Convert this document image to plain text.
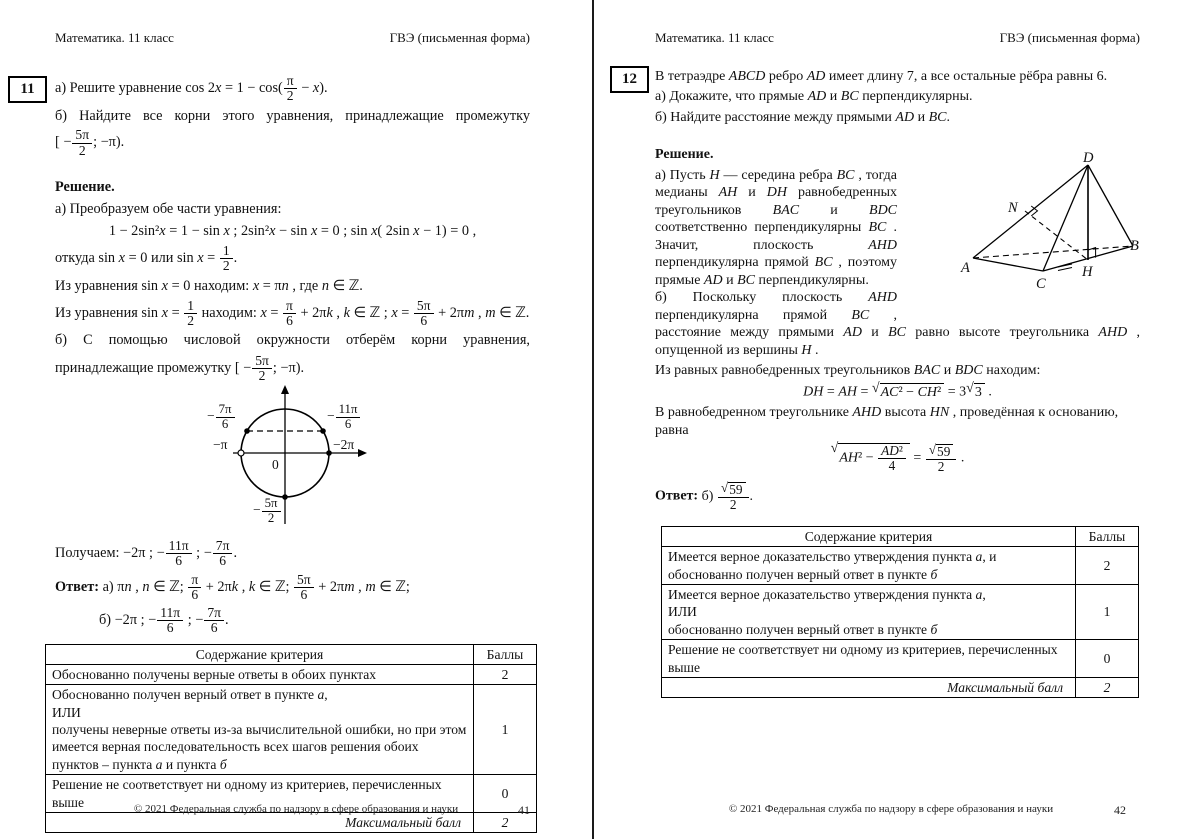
Математика. 11 класс	ГВЭ (письменная форма)
11	а) Решите уравнение $\cos 2x = 1 - \cos( \frac{\pi}{2} - x)$.
б) Найдите все корни этого уравнения, принадлежащие промежутку
[ − $\frac{5\pi}{2}$ ; −π).
Решение.
а) Преобразуем обе части уравнения:
1 − 2sin²x = 1 − sin x ; 2sin²x − sin x = 0 ; sin x( 2sin x − 1) = 0 ,
откуда sin x = 0 или $\sin x = \frac{1}{2}$ .
Из уравнения sin x = 0 находим: x = πn , где n ∈ ℤ.
Из уравнения $\sin x = \frac{1}{2}$ находим: $x = \frac{\pi}{6} + 2\pi k$ , k ∈ ℤ ; $x = \frac{5\pi}{6} + 2\pi m$ , m ∈ ℤ.
б) С помощью числовой окружности отберём корни уравнения,
принадлежащие промежутку [ − $\frac{5\pi}{2}$ ; −π).
− $\frac{7\pi}{6}$	− $\frac{11\pi}{6}$
−π	−2π
0
− $\frac{5\pi}{2}$
Получаем: −2π ; − $\frac{11\pi}{6}$ ; − $\frac{7\pi}{6}$ .
Ответ: а) πn , n ∈ ℤ; $\frac{\pi}{6} + 2\pi k$ , k ∈ ℤ; $\frac{5\pi}{6} + 2\pi m$ , m ∈ ℤ;
б) −2π ; − $\frac{11\pi}{6}$ ; − $\frac{7\pi}{6}$ .
Содержание критерия	Баллы
Обоснованно получены верные ответы в обоих пунктах	2
Обоснованно получен верный ответ в пункте а,
ИЛИ
получены неверные ответы из-за вычислительной ошибки, но при этом имеется верная последовательность всех шагов решения обоих пунктов – пункта а и пункта б	1
Решение не соответствует ни одному из критериев, перечисленных выше	0
Максимальный балл	2
© 2021 Федеральная служба по надзору в сфере образования и науки	41
Математика. 11 класс	ГВЭ (письменная форма)
12	В тетраэдре ABCD ребро AD имеет длину 7, а все остальные рёбра равны 6.
а) Докажите, что прямые AD и BC перпендикулярны.
б) Найдите расстояние между прямыми AD и BC.
Решение.	D
N
A
B
C
H
а) Пусть H — середина ребра BC , тогда медианы AH и DH равнобедренных треугольников BAC и BDC соответственно перпендикулярны BC . Значит, плоскость AHD перпендикулярна прямой BC , поэтому прямые AD и BC перпендикулярны.
б) Поскольку плоскость AHD перпендикулярна прямой BC , расстояние между прямыми AD и BC равно высоте треугольника AHD , опущенной из вершины H .
Из равных равнобедренных треугольников BAC и BDC находим:
DH = AH = √ AC² − CH² = 3 √ 3 .
В равнобедренном треугольнике AHD высота HN , проведённая к основанию,
равна
√
$AH^2 - \frac{\text{AD²}}{4} = \frac{√ 59}{2}$ .
Ответ: $б) \frac{√ 59}{2}$ .
Содержание критерия	Баллы
Имеется верное доказательство утверждения пункта а, и обоснованно получен верный ответ в пункте б	2
Имеется верное доказательство утверждения пункта а,
ИЛИ
обоснованно получен верный ответ в пункте б	1
Решение не соответствует ни одному из критериев, перечисленных выше	0
Максимальный балл	2
© 2021 Федеральная служба по надзору в сфере образования и науки	42
